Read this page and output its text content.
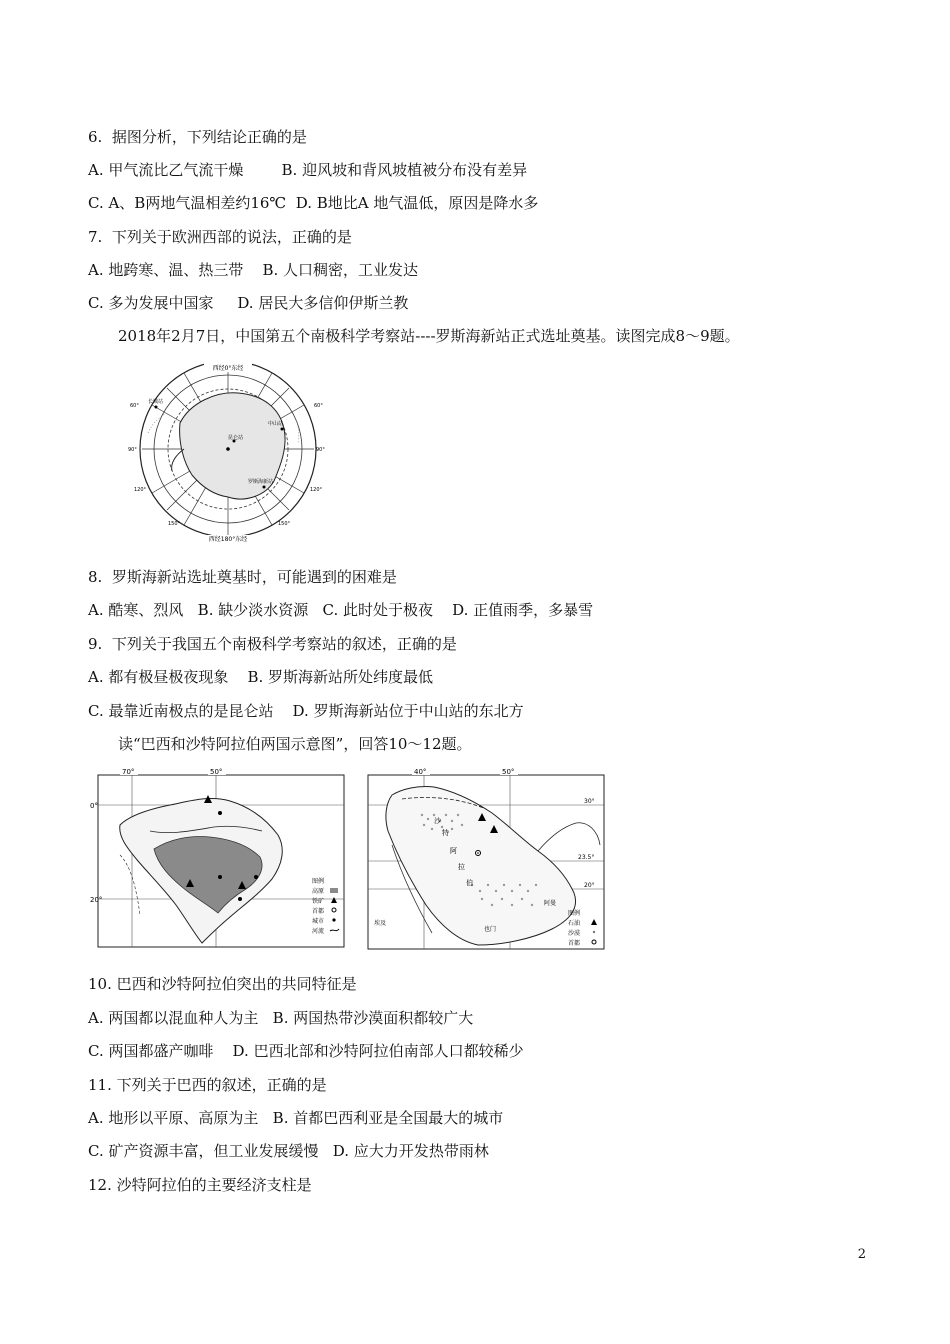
6.  据图分析，下列结论正确的是
A. 甲气流比乙气流干燥        B. 迎风坡和背风坡植被分布没有差异
C. A、B两地气温相差约16℃  D. B地比A 地气温低，原因是降水多
7.  下列关于欧洲西部的说法，正确的是
A. 地跨寒、温、热三带    B. 人口稠密，工业发达
C. 多为发展中国家     D. 居民大多信仰伊斯兰教
2018年2月7日，中国第五个南极科学考察站----罗斯海新站正式选址奠基。读图完成8～9题。
西经0°东经
西经180°东经
60°
90°
120°
150°
90°
120°
150°
60°
长城站
中山站
昆仑站
罗斯海新站
8.  罗斯海新站选址奠基时，可能遇到的困难是
A. 酷寒、烈风   B. 缺少淡水资源   C. 此时处于极夜    D. 正值雨季，多暴雪
9.  下列关于我国五个南极科学考察站的叙述，正确的是
A. 都有极昼极夜现象    B. 罗斯海新站所处纬度最低
C. 最靠近南极点的是昆仑站    D. 罗斯海新站位于中山站的东北方
读“巴西和沙特阿拉伯两国示意图”，回答10～12题。
70°	50°
0°
20°
图例
高原
铁矿
首都
城市
河流
40°	50°
30°
23.5°
20°
沙
特
阿
拉
伯
也门
阿曼
埃及
图例
石油
沙漠
首都
10. 巴西和沙特阿拉伯突出的共同特征是
A. 两国都以混血种人为主   B. 两国热带沙漠面积都较广大
C. 两国都盛产咖啡    D. 巴西北部和沙特阿拉伯南部人口都较稀少
11. 下列关于巴西的叙述，正确的是
A. 地形以平原、高原为主   B. 首都巴西利亚是全国最大的城市
C. 矿产资源丰富，但工业发展缓慢   D. 应大力开发热带雨林
12. 沙特阿拉伯的主要经济支柱是
2
